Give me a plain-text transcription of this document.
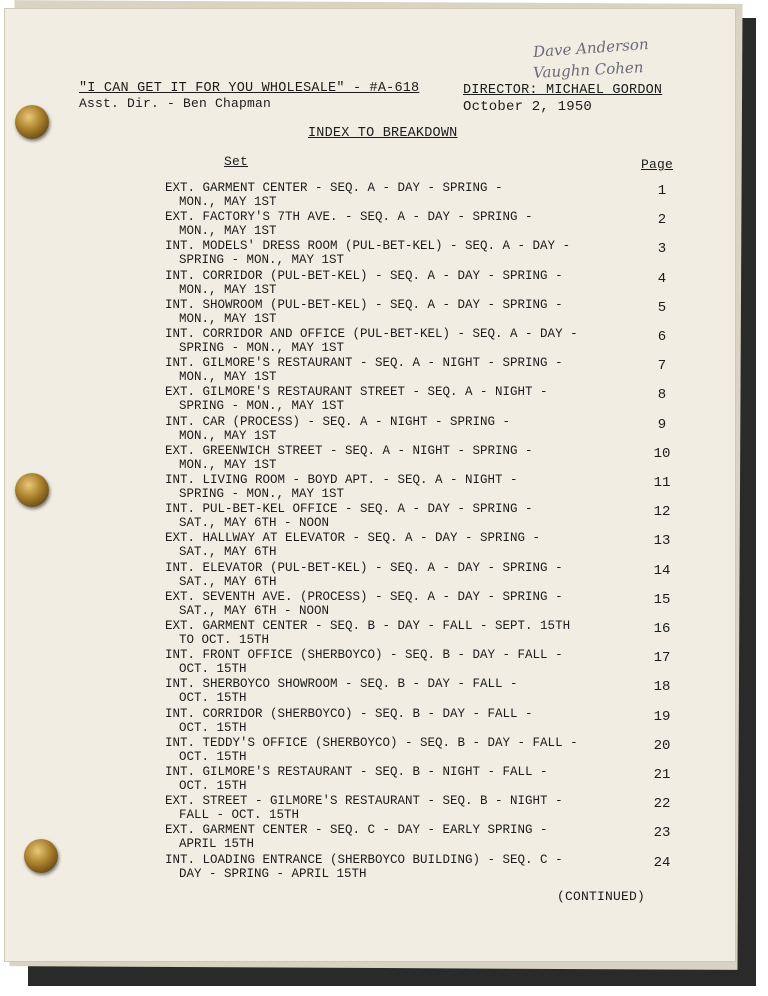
"I CAN GET IT FOR YOU WHOLESALE" - #A-618
Asst. Dir. - Ben Chapman
DIRECTOR: MICHAEL GORDON
October 2, 1950
Dave Anderson
Vaughn Cohen
INDEX TO BREAKDOWN
Set	Page
EXT. GARMENT CENTER - SEQ. A - DAY - SPRING -
MON., MAY 1ST
1
EXT. FACTORY'S 7TH AVE. - SEQ. A - DAY - SPRING -
MON., MAY 1ST
2
INT. MODELS' DRESS ROOM (PUL-BET-KEL) - SEQ. A - DAY -
SPRING - MON., MAY 1ST
3
INT. CORRIDOR (PUL-BET-KEL) - SEQ. A - DAY - SPRING -
MON., MAY 1ST
4
INT. SHOWROOM (PUL-BET-KEL) - SEQ. A - DAY - SPRING -
MON., MAY 1ST
5
INT. CORRIDOR AND OFFICE (PUL-BET-KEL) - SEQ. A - DAY -
SPRING - MON., MAY 1ST
6
INT. GILMORE'S RESTAURANT - SEQ. A - NIGHT - SPRING -
MON., MAY 1ST
7
EXT. GILMORE'S RESTAURANT STREET - SEQ. A - NIGHT -
SPRING - MON., MAY 1ST
8
INT. CAR (PROCESS) - SEQ. A - NIGHT - SPRING -
MON., MAY 1ST
9
EXT. GREENWICH STREET - SEQ. A - NIGHT - SPRING -
MON., MAY 1ST
10
INT. LIVING ROOM - BOYD APT. - SEQ. A - NIGHT -
SPRING - MON., MAY 1ST
11
INT. PUL-BET-KEL OFFICE - SEQ. A - DAY - SPRING -
SAT., MAY 6TH - NOON
12
EXT. HALLWAY AT ELEVATOR - SEQ. A - DAY - SPRING -
SAT., MAY 6TH
13
INT. ELEVATOR (PUL-BET-KEL) - SEQ. A - DAY - SPRING -
SAT., MAY 6TH
14
EXT. SEVENTH AVE. (PROCESS) - SEQ. A - DAY - SPRING -
SAT., MAY 6TH - NOON
15
EXT. GARMENT CENTER - SEQ. B - DAY - FALL - SEPT. 15TH
TO OCT. 15TH
16
INT. FRONT OFFICE (SHERBOYCO) - SEQ. B - DAY - FALL -
OCT. 15TH
17
INT. SHERBOYCO SHOWROOM - SEQ. B - DAY - FALL -
OCT. 15TH
18
INT. CORRIDOR (SHERBOYCO) - SEQ. B - DAY - FALL -
OCT. 15TH
19
INT. TEDDY'S OFFICE (SHERBOYCO) - SEQ. B - DAY - FALL -
OCT. 15TH
20
INT. GILMORE'S RESTAURANT - SEQ. B - NIGHT - FALL -
OCT. 15TH
21
EXT. STREET - GILMORE'S RESTAURANT - SEQ. B - NIGHT -
FALL - OCT. 15TH
22
EXT. GARMENT CENTER - SEQ. C - DAY - EARLY SPRING -
APRIL 15TH
23
INT. LOADING ENTRANCE (SHERBOYCO BUILDING) - SEQ. C -
DAY - SPRING - APRIL 15TH
24
(CONTINUED)
